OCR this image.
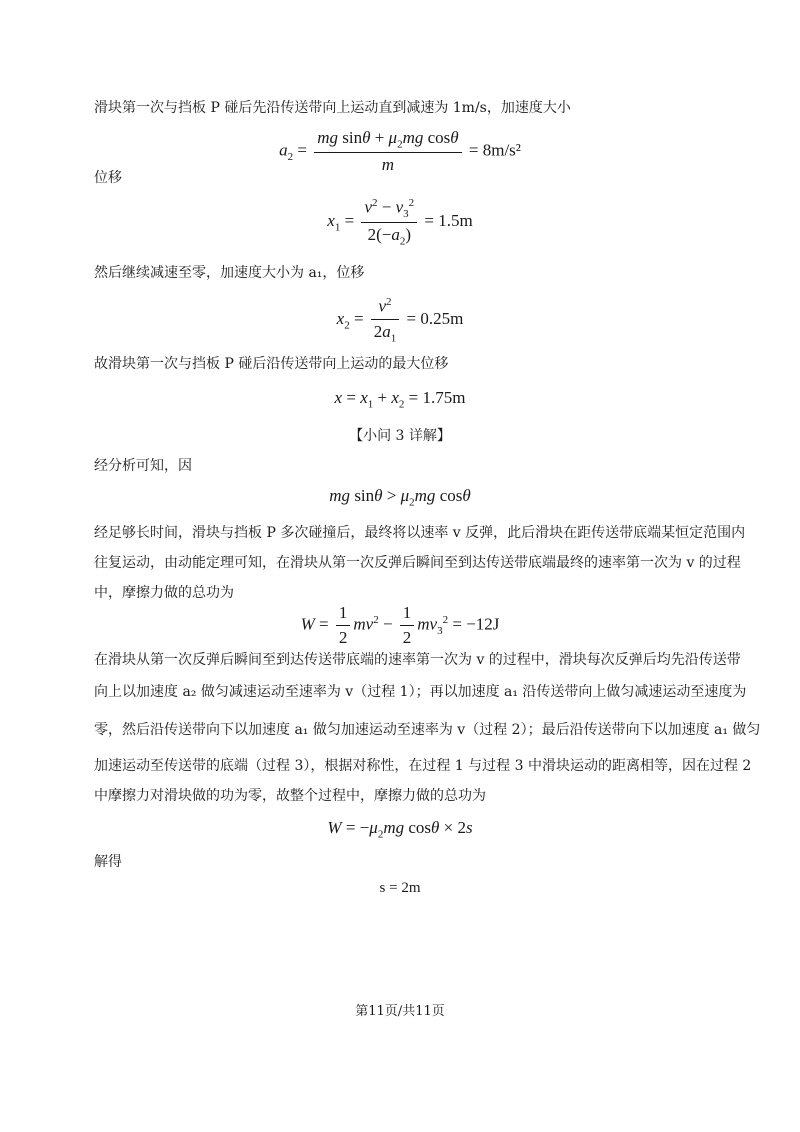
滑块第一次与挡板 P 碰后先沿传送带向上运动直到减速为 1m/s，加速度大小
$a_2 = \frac{mg \sin\theta + \mu_2mg \cos\theta}{m} = 8m/s^2$
位移
$x_1 = \frac{v^2 - v_3^2}{2(-a_2)} = 1.5m$
然后继续减速至零，加速度大小为 a₁，位移
$x_2 = \frac{v^2}{2a_1} = 0.25m$
故滑块第一次与挡板 P 碰后沿传送带向上运动的最大位移
$x = x_1 + x_2 = 1.75m$
【小问 3 详解】
经分析可知，因
mg $\sin\theta > \mu_2mg$ cosθ
经足够长时间，滑块与挡板 P 多次碰撞后，最终将以速率 v 反弹，此后滑块在距传送带底端某恒定范围内
往复运动，由动能定理可知，在滑块从第一次反弹后瞬间至到达传送带底端最终的速率第一次为 v 的过程
中，摩擦力做的总功为
$W = \frac{1}{2} mv^2 - \frac{1}{2} mv_3^2 = -12J$
在滑块从第一次反弹后瞬间至到达传送带底端的速率第一次为 v 的过程中，滑块每次反弹后均先沿传送带
向上以加速度 a₂ 做匀减速运动至速率为 v（过程 1）；再以加速度 a₁ 沿传送带向上做匀减速运动至速度为
零，然后沿传送带向下以加速度 a₁ 做匀加速运动至速率为 v（过程 2）；最后沿传送带向下以加速度 a₁ 做匀
加速运动至传送带的底端（过程 3），根据对称性，在过程 1 与过程 3 中滑块运动的距离相等，因在过程 2
中摩擦力对滑块做的功为零，故整个过程中，摩擦力做的总功为
$W = -\mu_2mg$ cosθ × 2s
解得
s = 2m
第11页/共11页
